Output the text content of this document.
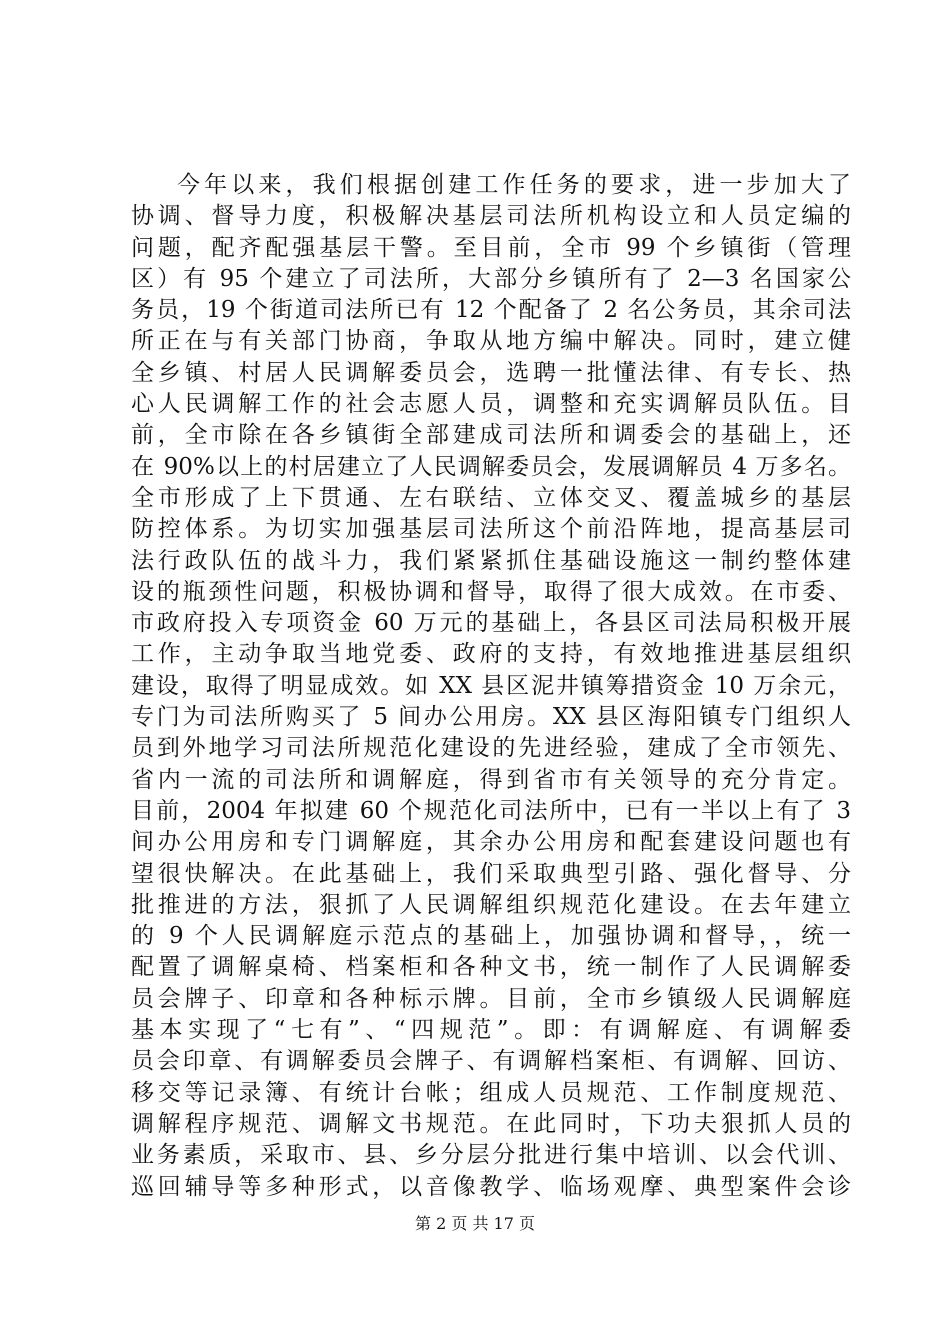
今年以来，我们根据创建工作任务的要求，进一步加大了
协调、督导力度，积极解决基层司法所机构设立和人员定编的
问题，配齐配强基层干警。至目前，全市 99 个乡镇街（管理
区）有 95 个建立了司法所，大部分乡镇所有了 2—3 名国家公
务员，19 个街道司法所已有 12 个配备了 2 名公务员，其余司法
所正在与有关部门协商，争取从地方编中解决。同时，建立健
全乡镇、村居人民调解委员会，选聘一批懂法律、有专长、热
心人民调解工作的社会志愿人员，调整和充实调解员队伍。目
前，全市除在各乡镇街全部建成司法所和调委会的基础上，还
在 90%以上的村居建立了人民调解委员会，发展调解员 4 万多名。
全市形成了上下贯通、左右联结、立体交叉、覆盖城乡的基层
防控体系。为切实加强基层司法所这个前沿阵地，提高基层司
法行政队伍的战斗力，我们紧紧抓住基础设施这一制约整体建
设的瓶颈性问题，积极协调和督导，取得了很大成效。在市委、
市政府投入专项资金 60 万元的基础上，各县区司法局积极开展
工作，主动争取当地党委、政府的支持，有效地推进基层组织
建设，取得了明显成效。如 XX 县区泥井镇筹措资金 10 万余元，
专门为司法所购买了 5 间办公用房。XX 县区海阳镇专门组织人
员到外地学习司法所规范化建设的先进经验，建成了全市领先、
省内一流的司法所和调解庭，得到省市有关领导的充分肯定。
目前，2004 年拟建 60 个规范化司法所中，已有一半以上有了 3
间办公用房和专门调解庭，其余办公用房和配套建设问题也有
望很快解决。在此基础上，我们采取典型引路、强化督导、分
批推进的方法，狠抓了人民调解组织规范化建设。在去年建立
的 9 个人民调解庭示范点的基础上，加强协调和督导，，统一
配置了调解桌椅、档案柜和各种文书，统一制作了人民调解委
员会牌子、印章和各种标示牌。目前，全市乡镇级人民调解庭
基本实现了“七有”、“四规范”。即：有调解庭、有调解委
员会印章、有调解委员会牌子、有调解档案柜、有调解、回访、
移交等记录簿、有统计台帐；组成人员规范、工作制度规范、
调解程序规范、调解文书规范。在此同时，下功夫狠抓人员的
业务素质，采取市、县、乡分层分批进行集中培训、以会代训、
巡回辅导等多种形式，以音像教学、临场观摩、典型案件会诊
第 2 页 共 17 页
